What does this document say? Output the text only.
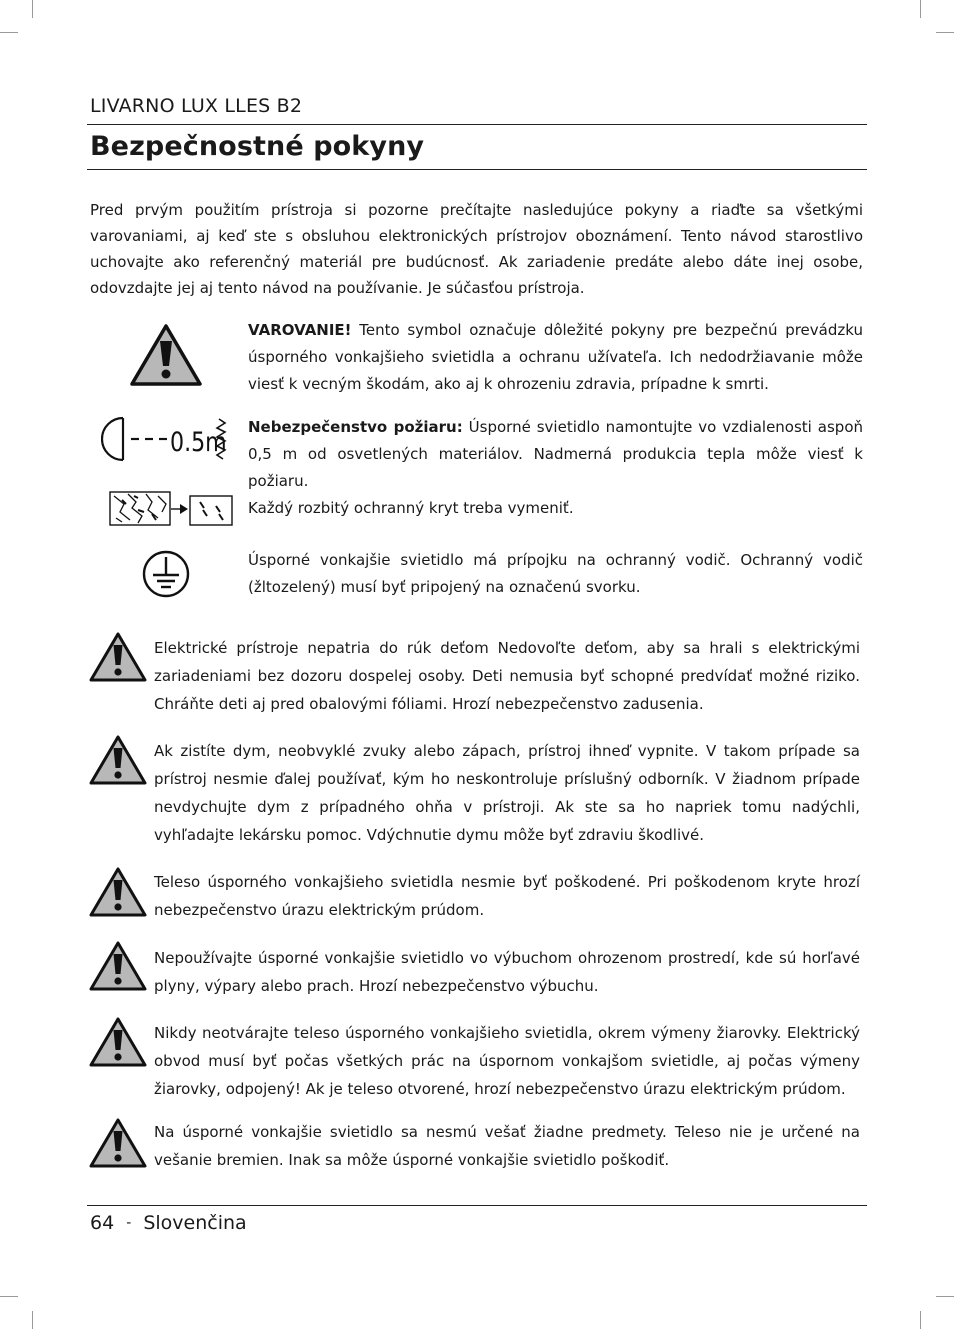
LIVARNO LUX LLES B2
Bezpečnostné pokyny
Pred prvým použitím prístroja si pozorne prečítajte nasledujúce pokyny a riaďte sa všetkými varovaniami, aj keď ste s obsluhou elektronických prístrojov oboznámení. Tento návod starostlivo uchovajte ako referenčný materiál pre budúcnosť. Ak zariadenie predáte alebo dáte inej osobe, odovzdajte jej aj tento návod na používanie. Je súčasťou prístroja.
VAROVANIE! Tento symbol označuje dôležité pokyny pre bezpečnú prevádzku úsporného vonkajšieho svietidla a ochranu užívateľa. Ich nedodržiavanie môže viesť k vecným škodám, ako aj k ohrozeniu zdravia, prípadne k smrti.
0.5m Nebezpečenstvo požiaru: Úsporné svietidlo namontujte vo vzdialenosti aspoň 0,5 m od osvetlených materiálov. Nadmerná produkcia tepla môže viesť k požiaru.
Každý rozbitý ochranný kryt treba vymeniť.
Úsporné vonkajšie svietidlo má prípojku na ochranný vodič. Ochranný vodič (žltozelený) musí byť pripojený na označenú svorku.
Elektrické prístroje nepatria do rúk deťom Nedovoľte deťom, aby sa hrali s elektrickými zariadeniami bez dozoru dospelej osoby. Deti nemusia byť schopné predvídať možné riziko. Chráňte deti aj pred obalovými fóliami. Hrozí nebezpečenstvo zadusenia.
Ak zistíte dym, neobvyklé zvuky alebo zápach, prístroj ihneď vypnite. V takom prípade sa prístroj nesmie ďalej používať, kým ho neskontroluje príslušný odborník. V žiadnom prípade nevdychujte dym z prípadného ohňa v prístroji. Ak ste sa ho napriek tomu nadýchli, vyhľadajte lekársku pomoc. Vdýchnutie dymu môže byť zdraviu škodlivé.
Teleso úsporného vonkajšieho svietidla nesmie byť poškodené. Pri poškodenom kryte hrozí nebezpečenstvo úrazu elektrickým prúdom.
Nepoužívajte úsporné vonkajšie svietidlo vo výbuchom ohrozenom prostredí, kde sú horľavé plyny, výpary alebo prach. Hrozí nebezpečenstvo výbuchu.
Nikdy neotvárajte teleso úsporného vonkajšieho svietidla, okrem výmeny žiarovky. Elektrický obvod musí byť počas všetkých prác na úspornom vonkajšom svietidle, aj počas výmeny žiarovky, odpojený! Ak je teleso otvorené, hrozí nebezpečenstvo úrazu elektrickým prúdom.
Na úsporné vonkajšie svietidlo sa nesmú vešať žiadne predmety. Teleso nie je určené na vešanie bremien. Inak sa môže úsporné vonkajšie svietidlo poškodiť.
64 - Slovenčina
